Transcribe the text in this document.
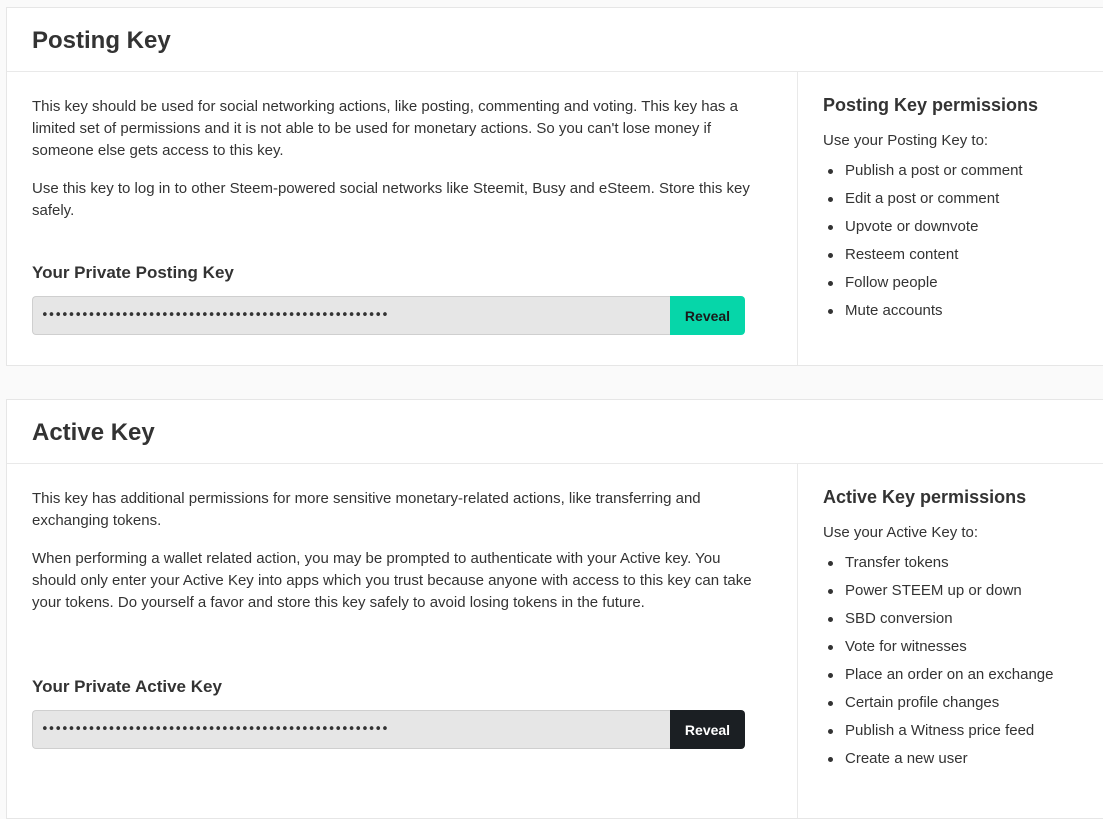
Posting Key

This key should be used for social networking actions, like posting, commenting and voting. This key has a limited set of permissions and it is not able to be used for monetary actions. So you can't lose money if someone else gets access to this key.

Use this key to log in to other Steem-powered social networks like Steemit, Busy and eSteem. Store this key safely.

Your Private Posting Key
••••••••••••••••••••••••••••••••••••••••••••••••••••
Reveal
Posting Key permissions

Use your Posting Key to:

Publish a post or comment
Edit a post or comment
Upvote or downvote
Resteem content
Follow people
Mute accounts
Active Key

This key has additional permissions for more sensitive monetary-related actions, like transferring and exchanging tokens.

When performing a wallet related action, you may be prompted to authenticate with your Active key. You should only enter your Active Key into apps which you trust because anyone with access to this key can take your tokens. Do yourself a favor and store this key safely to avoid losing tokens in the future.

Your Private Active Key
••••••••••••••••••••••••••••••••••••••••••••••••••••
Reveal
Active Key permissions

Use your Active Key to:

Transfer tokens
Power STEEM up or down
SBD conversion
Vote for witnesses
Place an order on an exchange
Certain profile changes
Publish a Witness price feed
Create a new user
